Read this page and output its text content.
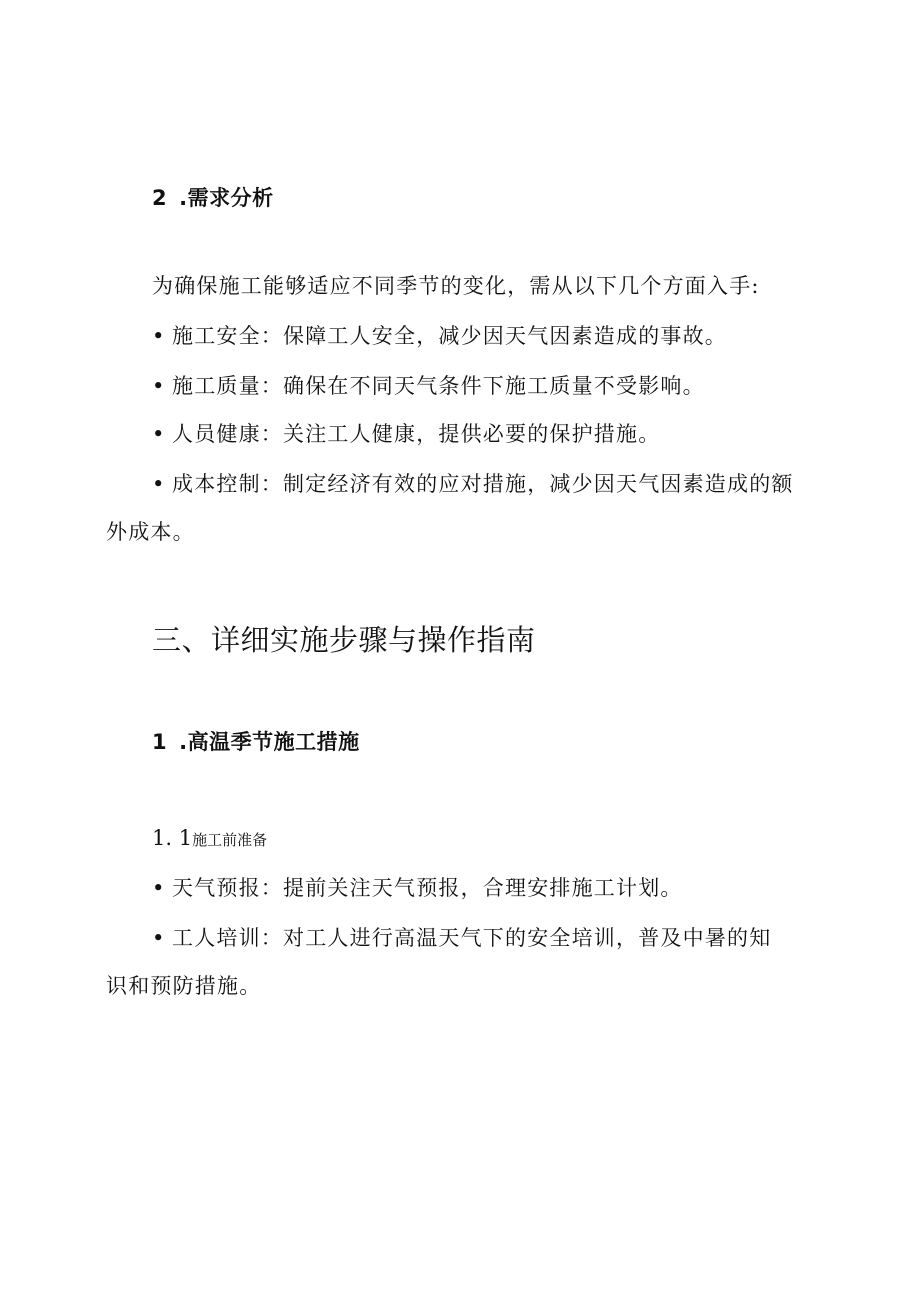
2 .需求分析
为确保施工能够适应不同季节的变化，需从以下几个方面入手:
• 施工安全：保障工人安全，减少因天气因素造成的事故。
• 施工质量：确保在不同天气条件下施工质量不受影响。
• 人员健康：关注工人健康，提供必要的保护措施。
• 成本控制：制定经济有效的应对措施，减少因天气因素造成的额
外成本。
三、详细实施步骤与操作指南
1 .高温季节施工措施
1. 1施工前准备
• 天气预报：提前关注天气预报，合理安排施工计划。
• 工人培训：对工人进行高温天气下的安全培训，普及中暑的知
识和预防措施。
